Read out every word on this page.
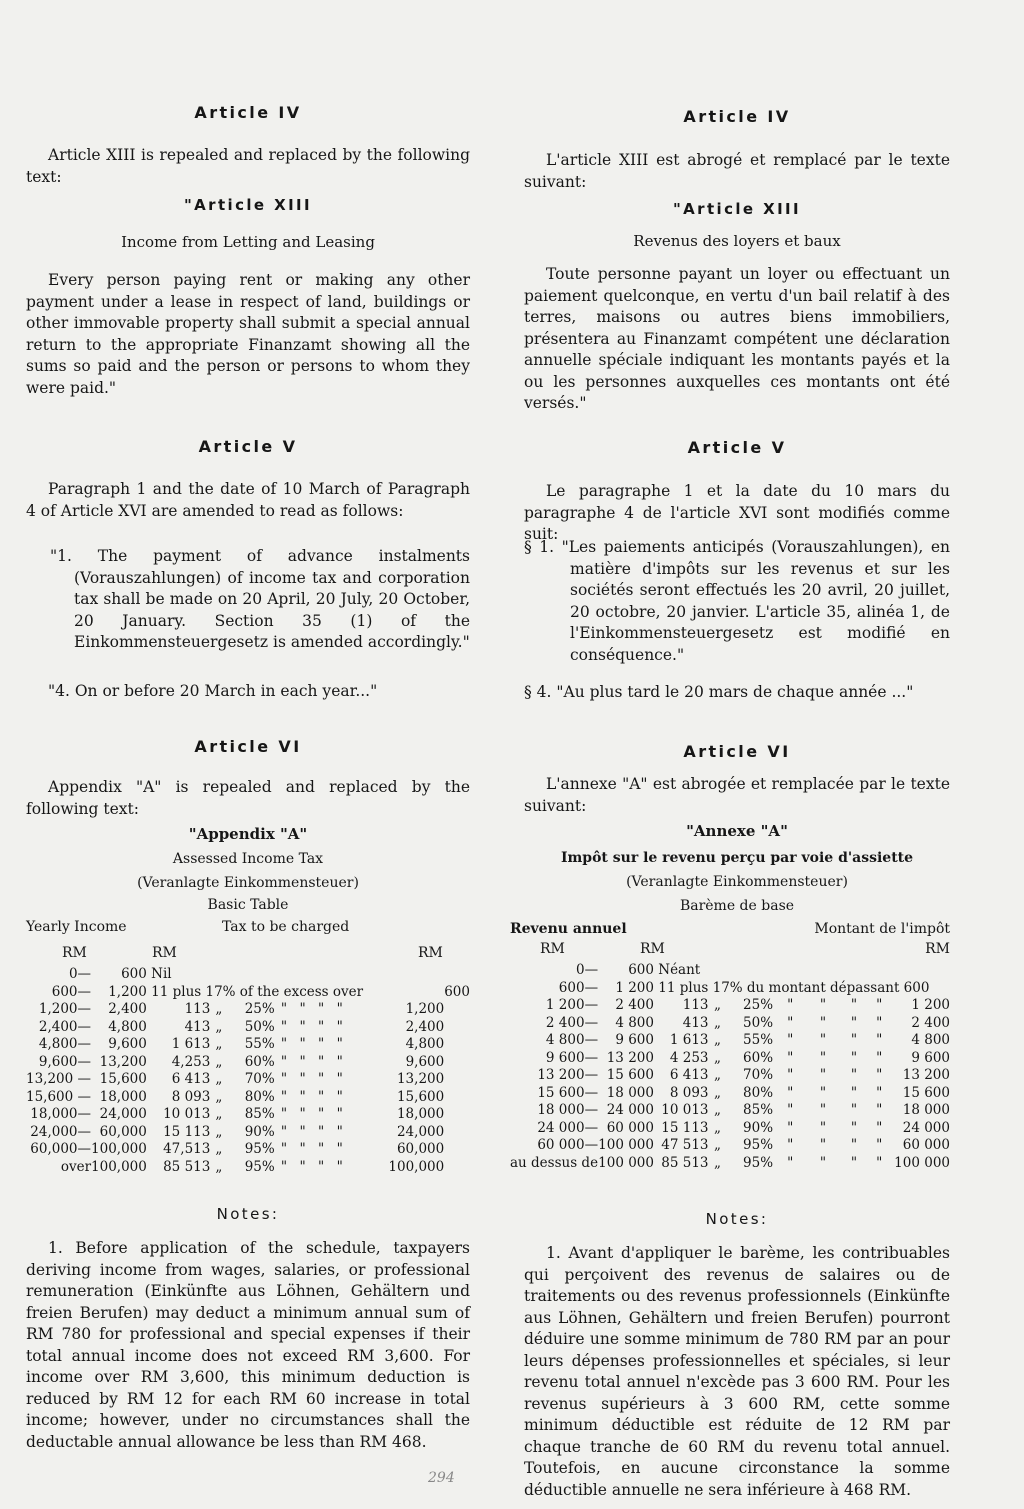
Article IV

Article XIII is repealed and replaced by the following text:

"Article XIII
Income from Letting and Leasing

Every person paying rent or making any other payment under a lease in respect of land, buildings or other immovable property shall submit a special annual return to the appropriate Finanzamt showing all the sums so paid and the person or persons to whom they were paid."

Article V

Paragraph 1 and the date of 10 March of Paragraph 4 of Article XVI are amended to read as follows:

"1. The payment of advance instalments (Vorauszahlungen) of income tax and corporation tax shall be made on 20 April, 20 July, 20 October, 20 January. Section 35 (1) of the Einkommensteuergesetz is amended accordingly."

"4. On or before 20 March in each year..."

Article VI

Appendix "A" is repealed and replaced by the following text:

"Appendix "A"
Assessed Income Tax
(Veranlagte Einkommensteuer)
Basic Table
Yearly Income	Tax to be charged
RM	RM	RM
0—	600	Nil								
600—	1,200	11 plus 17% of the excess over								600
1,200—	2,400	113	„	25%	"	"	"	"	1,200	
2,400—	4,800	413	„	50%	"	"	"	"	2,400	
4,800—	9,600	1 613	„	55%	"	"	"	"	4,800	
9,600—	13,200	4,253	„	60%	"	"	"	"	9,600	
13,200 —	15,600	6 413	„	70%	"	"	"	"	13,200	
15,600 —	18,000	8 093	„	80%	"	"	"	"	15,600	
18,000—	24,000	10 013	„	85%	"	"	"	"	18,000	
24,000—	60,000	15 113	„	90%	"	"	"	"	24,000	
60,000—	100,000	47,513	„	95%	"	"	"	"	60,000	
over	100,000	85 513	„	95%	"	"	"	"	100,000	
Notes:

1. Before application of the schedule, taxpayers deriving income from wages, salaries, or professional remuneration (Einkünfte aus Löhnen, Gehältern und freien Berufen) may deduct a minimum annual sum of RM 780 for professional and special expenses if their total annual income does not exceed RM 3,600. For income over RM 3,600, this minimum deduction is reduced by RM 12 for each RM 60 increase in total income; however, under no circumstances shall the deductable annual allowance be less than RM 468.

Article IV

L'article XIII est abrogé et remplacé par le texte suivant:

"Article XIII
Revenus des loyers et baux

Toute personne payant un loyer ou effectuant un paiement quelconque, en vertu d'un bail relatif à des terres, maisons ou autres biens immobiliers, présentera au Finanzamt compétent une déclaration annuelle spéciale indiquant les montants payés et la ou les personnes auxquelles ces montants ont été versés."

Article V

Le paragraphe 1 et la date du 10 mars du paragraphe 4 de l'article XVI sont modifiés comme suit:

§ 1. "Les paiements anticipés (Vorauszahlungen), en matière d'impôts sur les revenus et sur les sociétés seront effectués les 20 avril, 20 juillet, 20 octobre, 20 janvier. L'article 35, alinéa 1, de l'Einkommensteuergesetz est modifié en conséquence."

§ 4. "Au plus tard le 20 mars de chaque année ..."

Article VI

L'annexe "A" est abrogée et remplacée par le texte suivant:

"Annexe "A"
Impôt sur le revenu perçu par voie d'assiette
(Veranlagte Einkommensteuer)
Barème de base
Revenu annuel	Montant de l'impôt
RM	RM	RM
0—	600	Néant								
600—	1 200	11 plus 17% du montant dépassant 600								
1 200—	2 400	113	„	25%	"	"	"	"	1 200	
2 400—	4 800	413	„	50%	"	"	"	"	2 400	
4 800—	9 600	1 613	„	55%	"	"	"	"	4 800	
9 600—	13 200	4 253	„	60%	"	"	"	"	9 600	
13 200—	15 600	6 413	„	70%	"	"	"	"	13 200	
15 600—	18 000	8 093	„	80%	"	"	"	"	15 600	
18 000—	24 000	10 013	„	85%	"	"	"	"	18 000	
24 000—	60 000	15 113	„	90%	"	"	"	"	24 000	
60 000—	100 000	47 513	„	95%	"	"	"	"	60 000	
au dessus de	100 000	85 513	„	95%	"	"	"	"	100 000	
Notes:

1. Avant d'appliquer le barème, les contribuables qui perçoivent des revenus de salaires ou de traitements ou des revenus professionnels (Einkünfte aus Löhnen, Gehältern und freien Berufen) pourront déduire une somme minimum de 780 RM par an pour leurs dépenses professionnelles et spéciales, si leur revenu total annuel n'excède pas 3 600 RM. Pour les revenus supérieurs à 3 600 RM, cette somme minimum déductible est réduite de 12 RM par chaque tranche de 60 RM du revenu total annuel. Toutefois, en aucune circonstance la somme déductible annuelle ne sera inférieure à 468 RM.

294
